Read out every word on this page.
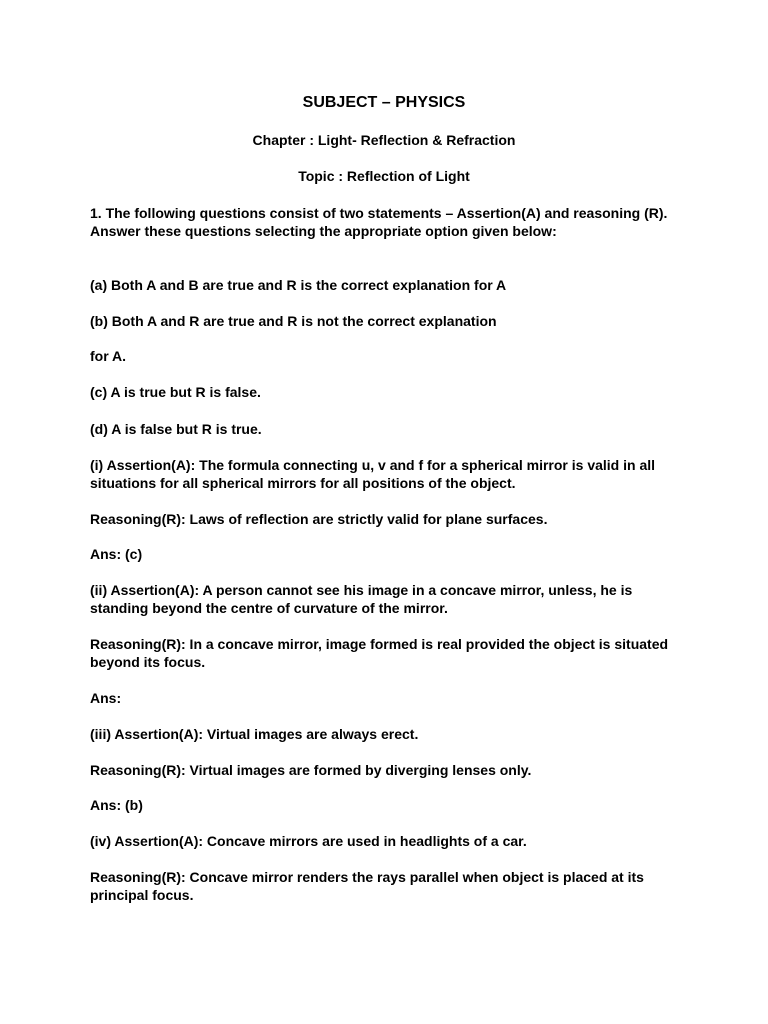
SUBJECT – PHYSICS

Chapter : Light- Reflection & Refraction

Topic : Reflection of Light

1. The following questions consist of two statements – Assertion(A) and reasoning (R). Answer these questions selecting the appropriate option given below:

(a) Both A and B are true and R is the correct explanation for A

(b) Both A and R are true and R is not the correct explanation

for A.

(c) A is true but R is false.

(d) A is false but R is true.

(i) Assertion(A): The formula connecting u, v and f for a spherical mirror is valid in all situations for all spherical mirrors for all positions of the object.

Reasoning(R): Laws of reflection are strictly valid for plane surfaces.

Ans: (c)

(ii) Assertion(A): A person cannot see his image in a concave mirror, unless, he is standing beyond the centre of curvature of the mirror.

Reasoning(R): In a concave mirror, image formed is real provided the object is situated beyond its focus.

Ans:

(iii) Assertion(A): Virtual images are always erect.

Reasoning(R): Virtual images are formed by diverging lenses only.

Ans: (b)

(iv) Assertion(A): Concave mirrors are used in headlights of a car.

Reasoning(R): Concave mirror renders the rays parallel when object is placed at its principal focus.
